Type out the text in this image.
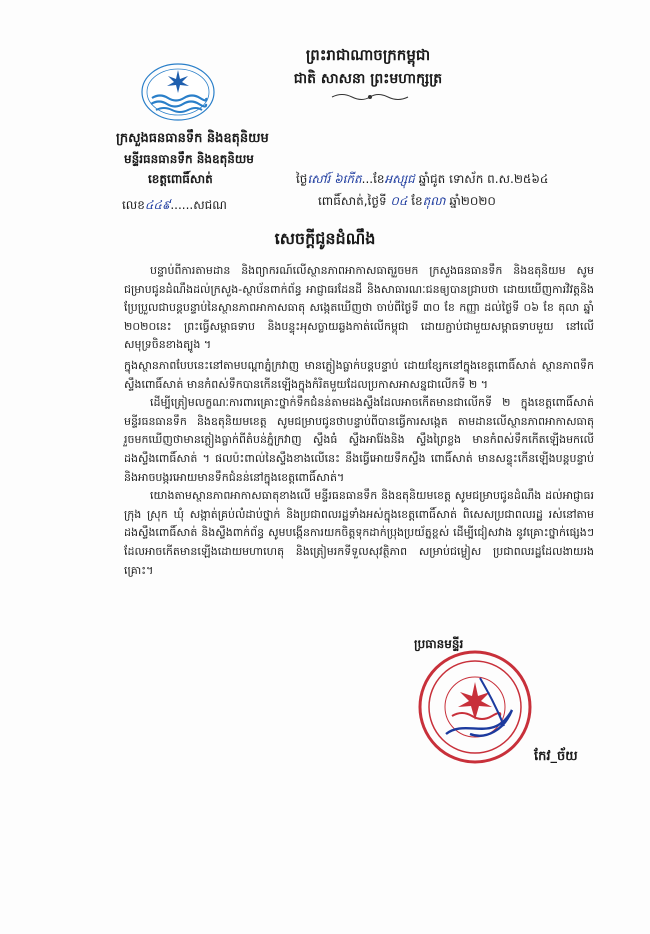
ព្រះរាជាណាចក្រកម្ពុជា
ជាតិ សាសនា ព្រះមហាក្សត្រ
ក្រសួងធនធានទឹក និងឧតុនិយម
មន្ទីរធនធានទឹក និងឧតុនិយម
ខេត្តពោធិ៍សាត់
លេខ៤៤៩......សជណ
ថ្ងៃសៅរ៍ ៦កើត...ខែអស្សុជ ឆ្នាំជូត ទោស័ក ព.ស.២៥៦៤
ពោធិ៍សាត់,ថ្ងៃទី ០៤ ខែតុលា ឆ្នាំ២០២០
សេចក្តីជូនដំណឹង

បន្ទាប់ពីការតាមដាន និងព្យាករណ៍លើស្ថានភាពអាកាសធាតុរួចមក ក្រសួងធនធានទឹក និងឧតុនិយម សូមជម្រាបជូនដំណឹងដល់ក្រសួង-ស្ថាប័នពាក់ព័ន្ធ អាជ្ញាធរដែនដី និងសាធារណៈជនឲ្យបានជ្រាបថា ដោយយើញការវិវត្តនិងប្រែប្រួលជាបន្តបន្ទាប់នៃស្ថានភាពអាកាសធាតុ សង្កេតឃើញថា ចាប់ពីថ្ងៃទី ៣០ ខែ កញ្ញា ដល់ថ្ងៃទី ០៦ ខែ តុលា ឆ្នាំ ២០២០នេះ ព្រះធ្វើសម្ពាធទាប និងបន្ទុះអុសច្លាយឆ្លងកាត់លើកម្ពុជា ដោយភ្ជាប់ជាមួយសម្ពាធទាបមួយ នៅលើសមុទ្រចិនខាងត្បូង ។

ក្នុងស្ថានភាពបែបនេះនៅតាមបណ្តាភ្នំក្រវាញ មានភ្លៀងធ្លាក់បន្តបន្ទាប់ ដោយខ្សែកនៅក្នុងខេត្តពោធិ៍សាត់ ស្ថានភាពទឹកស្ទឹងពោធិ៍សាត់ មានកំពស់ទឹកបានកើនឡើងក្នុងកំរិតមួយដែលប្រកាសអាសន្នជាលើកទី ២ ។

ដើម្បីត្រៀមលក្ខណៈការពារគ្រោះថ្នាក់ទឹកជំនន់តាមដងស្ទឹងដែលអាចកើតមានជាលើកទី ២ ក្នុងខេត្តពោធិ៍សាត់ មន្ទីរធនធានទឹក និងឧតុនិយមខេត្ត សូមជម្រាបជូនថាបន្ទាប់ពីបានធ្វើការសង្កេត តាមដានលើស្ថានភាពអាកាសធាតុ រួចមកឃើញថាមានភ្លៀងធ្លាក់ពីតំបន់ភ្នំក្រវាញ ស្ទឹងធំ ស្ទឹងអារ៉ែងនិង ស្ទឹងព្រៃខ្លង មានកំពស់ទឹកកើតឡើងមកលើដងស្ទឹងពោធិ៍សាត់ ។ ផលប៉ះពាល់នៃស្ទឹងខាងលើនេះ នឹងធ្វើអោយទឹកស្ទឹង ពោធិ៍សាត់ មានសន្ទុះកើនឡើងបន្តបន្ទាប់ និងអាចបង្ករអោយមានទឹកជំនន់នៅក្នុងខេត្តពោធិ៍សាត់។

យោងតាមស្ថានភាពអាកាសធាតុខាងលើ មន្ទីរធនធានទឹក និងឧតុនិយមខេត្ត សូមជម្រាបជូនដំណឹង ដល់អាជ្ញាធរក្រុង ស្រុក ឃុំ សង្កាត់គ្រប់លំដាប់ថ្នាក់ និងប្រជាពលរដ្ឋទាំងអស់ក្នុងខេត្តពោធិ៍សាត់ ពិសេសប្រជាពលរដ្ឋ រស់នៅតាមដងស្ទឹងពោធិ៍សាត់ និងស្ទឹងពាក់ព័ន្ធ សូមបង្កើនការយកចិត្តទុកដាក់ប្រុងប្រយ័ត្នខ្ពស់ ដើម្បីជៀសវាង នូវគ្រោះថ្នាក់ផ្សេងៗ ដែលអាចកើតមានឡើងដោយមហាហេតុ និងត្រៀមរកទីទួលសុវត្ថិភាព សម្រាប់ជម្លៀស ប្រជាពលរដ្ឋដែលងាយរងគ្រោះ។

ប្រធានមន្ទីរ
កែវ_ច័យ
